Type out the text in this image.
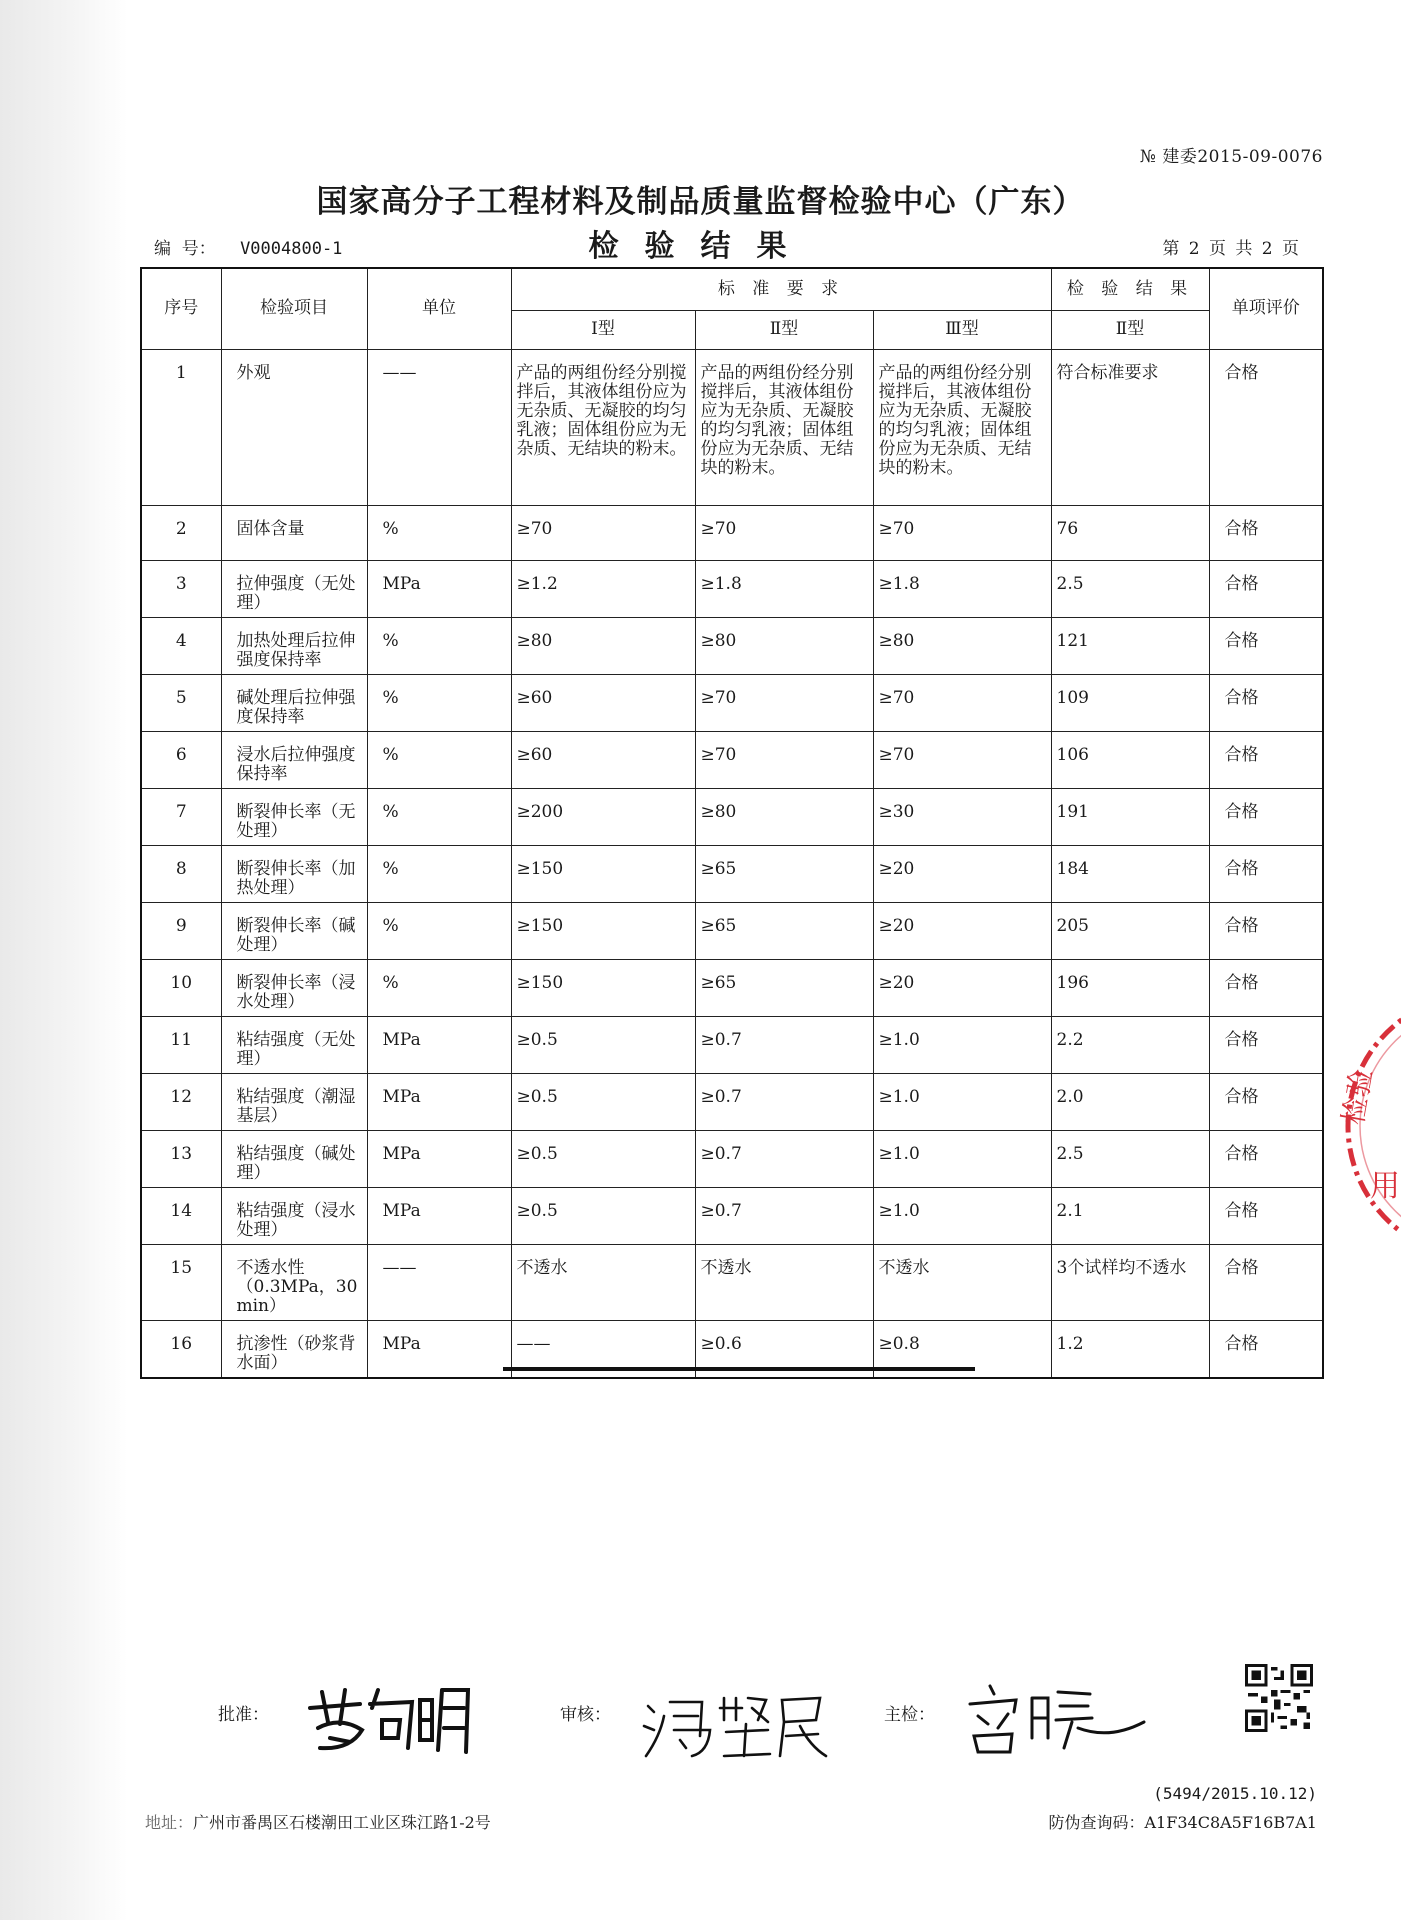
№ 建委2015-09-0076
国家高分子工程材料及制品质量监督检验中心（广东）
检验结果
编  号： V0004800-1	第 2 页 共 2 页
序号	检验项目	单位	标 准 要 求			检 验 结 果	单项评价
			Ⅰ型	Ⅱ型	Ⅲ型	Ⅱ型	
1	外观	——	产品的两组份经分别搅拌后，其液体组份应为无杂质、无凝胶的均匀乳液；固体组份应为无杂质、无结块的粉末。	产品的两组份经分别搅拌后，其液体组份应为无杂质、无凝胶的均匀乳液；固体组份应为无杂质、无结块的粉末。	产品的两组份经分别搅拌后，其液体组份应为无杂质、无凝胶的均匀乳液；固体组份应为无杂质、无结块的粉末。	符合标准要求	合格
2	固体含量	%	≥70	≥70	≥70	76	合格
3	拉伸强度（无处理）	MPa	≥1.2	≥1.8	≥1.8	2.5	合格
4	加热处理后拉伸强度保持率	%	≥80	≥80	≥80	121	合格
5	碱处理后拉伸强度保持率	%	≥60	≥70	≥70	109	合格
6	浸水后拉伸强度保持率	%	≥60	≥70	≥70	106	合格
7	断裂伸长率（无处理）	%	≥200	≥80	≥30	191	合格
8	断裂伸长率（加热处理）	%	≥150	≥65	≥20	184	合格
9	断裂伸长率（碱处理）	%	≥150	≥65	≥20	205	合格
10	断裂伸长率（浸水处理）	%	≥150	≥65	≥20	196	合格
11	粘结强度（无处理）	MPa	≥0.5	≥0.7	≥1.0	2.2	合格
12	粘结强度（潮湿基层）	MPa	≥0.5	≥0.7	≥1.0	2.0	合格
13	粘结强度（碱处理）	MPa	≥0.5	≥0.7	≥1.0	2.5	合格
14	粘结强度（浸水处理）	MPa	≥0.5	≥0.7	≥1.0	2.1	合格
15	不透水性（0.3MPa，30 min）	——	不透水	不透水	不透水	3个试样均不透水	合格
16	抗渗性（砂浆背水面）	MPa	——	≥0.6	≥0.8	1.2	合格
检验
用
批准：	审核：	主检：
(5494/2015.10.12)
地址：广州市番禺区石楼潮田工业区珠江路1-2号	防伪查询码：A1F34C8A5F16B7A1
